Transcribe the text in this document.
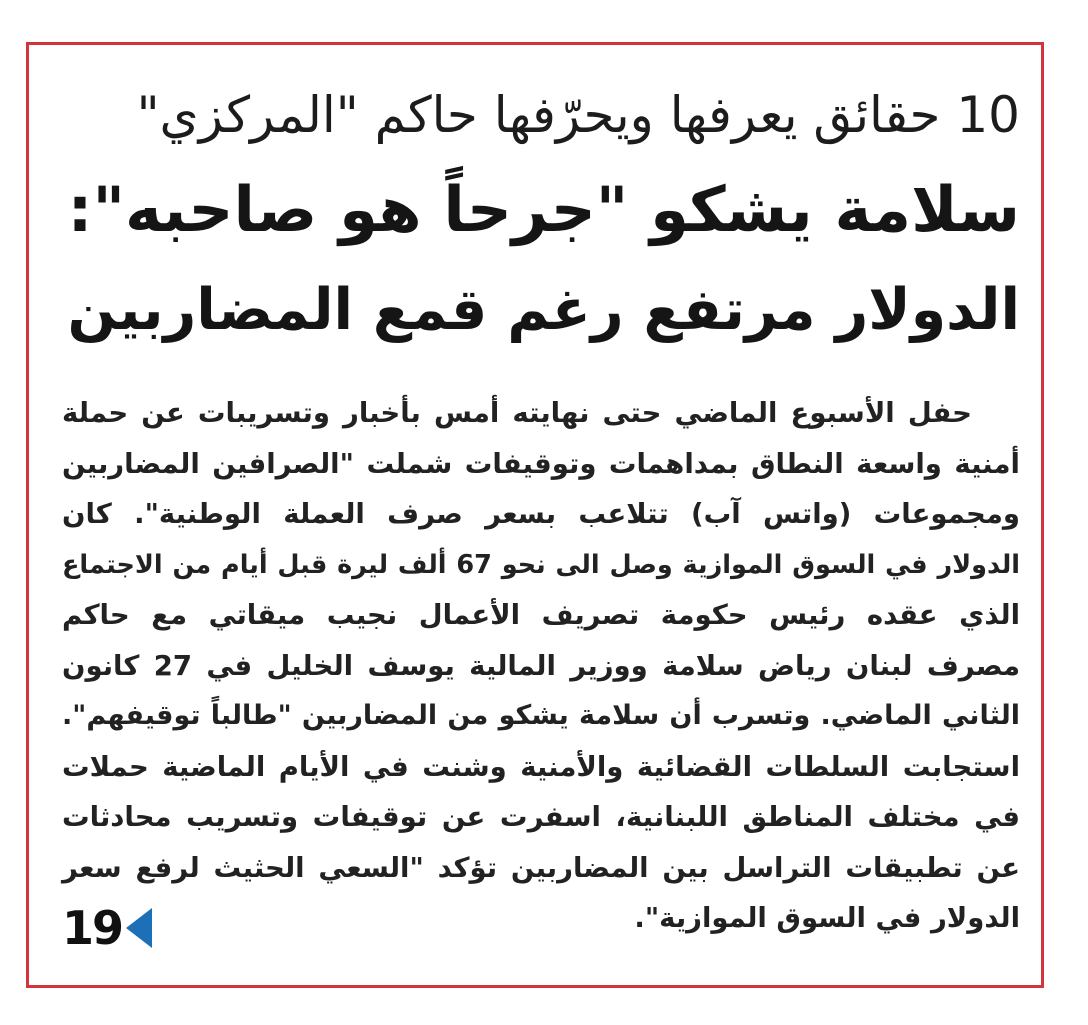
10 حقائق يعرفها ويحرّفها حاكم "المركزي"
سلامة يشكو "جرحاً هو صاحبه":
الدولار مرتفع رغم قمع المضاربين
حفل الأسبوع الماضي حتى نهايته أمس بأخبار وتسريبات عن حملة
أمنية واسعة النطاق بمداهمات وتوقيفات شملت "الصرافين المضاربين
ومجموعات (واتس آب) تتلاعب بسعر صرف العملة الوطنية". كان
الدولار في السوق الموازية وصل الى نحو 67 ألف ليرة قبل أيام من الاجتماع
الذي عقده رئيس حكومة تصريف الأعمال نجيب ميقاتي مع حاكم
مصرف لبنان رياض سلامة ووزير المالية يوسف الخليل في 27 كانون
الثاني الماضي. وتسرب أن سلامة يشكو من المضاربين "طالباً توقيفهم".
استجابت السلطات القضائية والأمنية وشنت في الأيام الماضية حملات
في مختلف المناطق اللبنانية، اسفرت عن توقيفات وتسريب محادثات
عن تطبيقات التراسل بين المضاربين تؤكد "السعي الحثيث لرفع سعر
الدولار في السوق الموازية".
19
